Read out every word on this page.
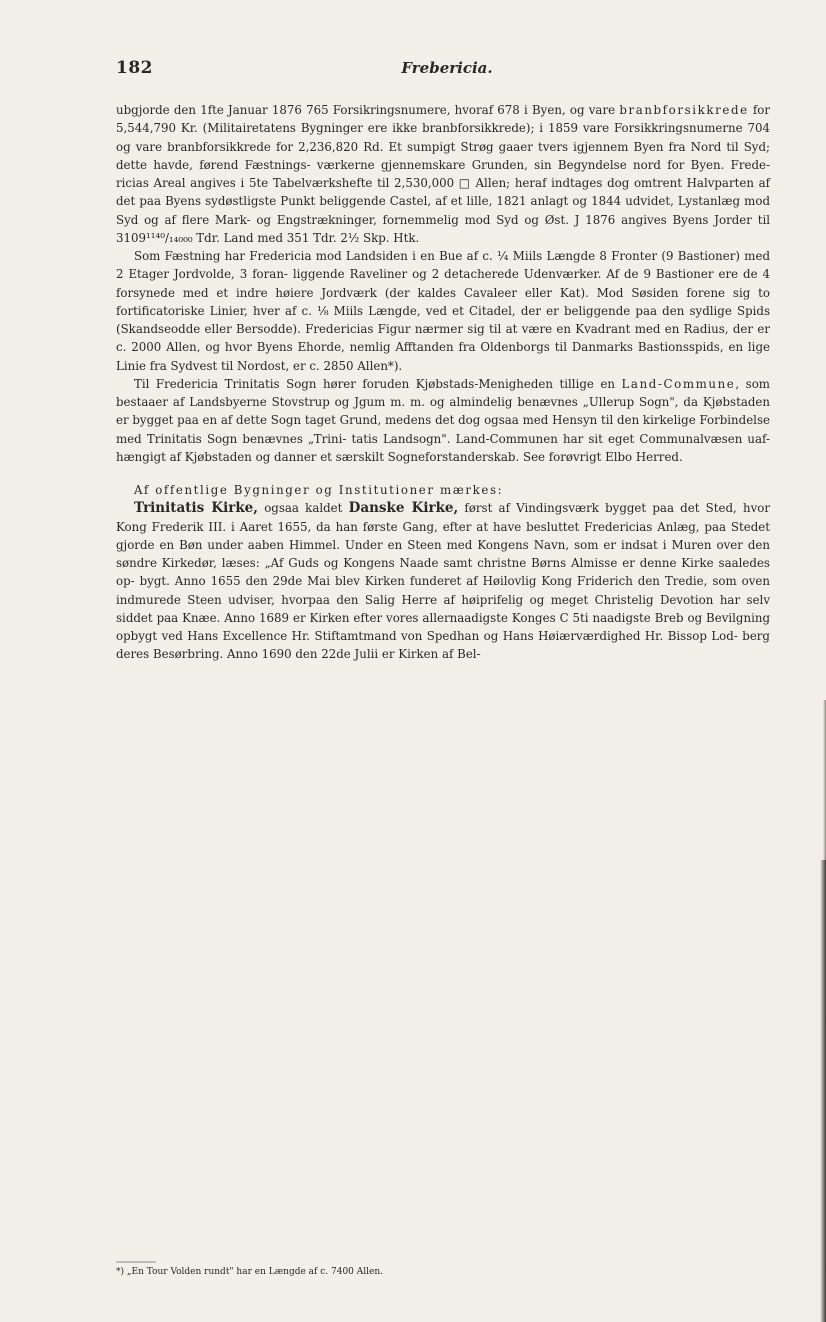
182	Frebericia.

ubgjorde den 1fte Januar 1876 765 Forsikringsnumere, hvoraf 678 i Byen, og vare branbforsikkrede for 5,544,790 Kr. (Militairetatens Bygninger ere ikke branbforsikkrede); i 1859 vare Forsikkringsnumerne 704 og vare branbforsikkrede for 2,236,820 Rd. Et sumpigt Strøg gaaer tvers igjennem Byen fra Nord til Syd; dette havde, førend Fæstnings- værkerne gjennemskare Grunden, sin Begyndelse nord for Byen. Frede- ricias Areal angives i 5te Tabelværkshefte til 2,530,000 □ Allen; heraf indtages dog omtrent Halvparten af det paa Byens sydøstligste Punkt beliggende Castel, af et lille, 1821 anlagt og 1844 udvidet, Lystanlæg mod Syd og af flere Mark- og Engstrækninger, fornemmelig mod Syd og Øst. J 1876 angives Byens Jorder til 3109¹¹⁴⁰/₁₄₀₀₀ Tdr. Land med 351 Tdr. 2½ Skp. Htk.

Som Fæstning har Fredericia mod Landsiden i en Bue af c. ¼ Miils Længde 8 Fronter (9 Bastioner) med 2 Etager Jordvolde, 3 foran- liggende Raveliner og 2 detacherede Udenværker. Af de 9 Bastioner ere de 4 forsynede med et indre høiere Jordværk (der kaldes Cavaleer eller Kat). Mod Søsiden forene sig to fortificatoriske Linier, hver af c. ⅛ Miils Længde, ved et Citadel, der er beliggende paa den sydlige Spids (Skandseodde eller Bersodde). Fredericias Figur nærmer sig til at være en Kvadrant med en Radius, der er c. 2000 Allen, og hvor Byens Ehorde, nemlig Afftanden fra Oldenborgs til Danmarks Bastionsspids, en lige Linie fra Sydvest til Nordost, er c. 2850 Allen*).

Til Fredericia Trinitatis Sogn hører foruden Kjøbstads-Menigheden tillige en Land-Commune, som bestaaer af Landsbyerne Stovstrup og Jgum m. m. og almindelig benævnes „Ullerup Sogn", da Kjøbstaden er bygget paa en af dette Sogn taget Grund, medens det dog ogsaa med Hensyn til den kirkelige Forbindelse med Trinitatis Sogn benævnes „Trini- tatis Landsogn". Land-Communen har sit eget Communalvæsen uaf- hængigt af Kjøbstaden og danner et særskilt Sogneforstanderskab. See forøvrigt Elbo Herred.

Af offentlige Bygninger og Institutioner mærkes:

Trinitatis Kirke, ogsaa kaldet Danske Kirke, først af Vindingsværk bygget paa det Sted, hvor Kong Frederik III. i Aaret 1655, da han første Gang, efter at have besluttet Fredericias Anlæg, paa Stedet gjorde en Bøn under aaben Himmel. Under en Steen med Kongens Navn, som er indsat i Muren over den søndre Kirkedør, læses: „Af Guds og Kongens Naade samt christne Børns Almisse er denne Kirke saaledes op- bygt. Anno 1655 den 29de Mai blev Kirken funderet af Høilovlig Kong Friderich den Tredie, som oven indmurede Steen udviser, hvorpaa den Salig Herre af høiprifelig og meget Christelig Devotion har selv siddet paa Knæe. Anno 1689 er Kirken efter vores allernaadigste Konges C 5ti naadigste Breb og Bevilgning opbygt ved Hans Excellence Hr. Stiftamtmand von Spedhan og Hans Høiærværdighed Hr. Bissop Lod- berg deres Besørbring. Anno 1690 den 22de Julii er Kirken af Bel-

*) „En Tour Volden rundt" har en Længde af c. 7400 Allen.
